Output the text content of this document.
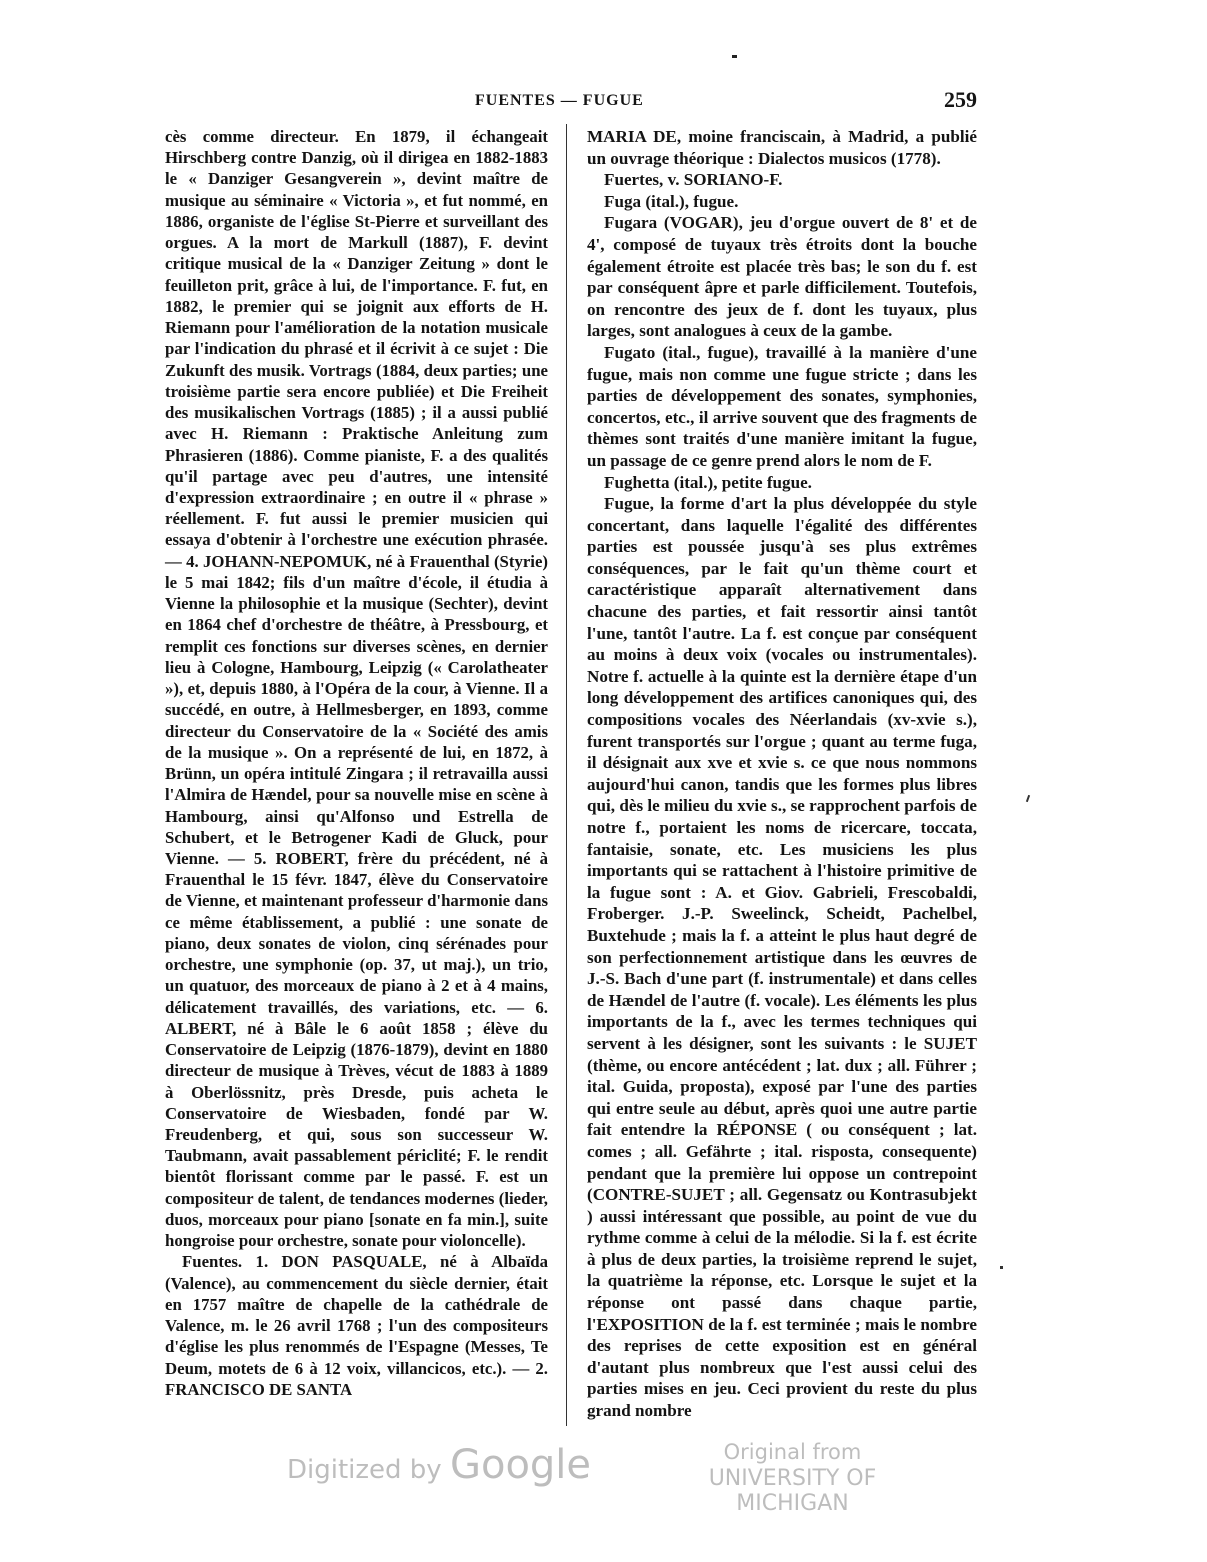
FUENTES — FUGUE	259

cès comme directeur. En 1879, il échangeait Hirschberg contre Danzig, où il dirigea en 1882-1883 le « Danziger Gesangverein », devint maître de musique au séminaire « Victoria », et fut nommé, en 1886, organiste de l'église St-Pierre et surveillant des orgues. A la mort de Markull (1887), F. devint critique musical de la « Danziger Zeitung » dont le feuilleton prit, grâce à lui, de l'importance. F. fut, en 1882, le premier qui se joignit aux efforts de H. Riemann pour l'amélioration de la notation musicale par l'indication du phrasé et il écrivit à ce sujet : Die Zukunft des musik. Vortrags (1884, deux parties; une troisième partie sera encore publiée) et Die Freiheit des musikalischen Vortrags (1885) ; il a aussi publié avec H. Riemann : Praktische Anleitung zum Phrasieren (1886). Comme pianiste, F. a des qualités qu'il partage avec peu d'autres, une intensité d'expression extraordinaire ; en outre il « phrase » réellement. F. fut aussi le premier musicien qui essaya d'obtenir à l'orchestre une exécution phrasée. — 4. JOHANN-NEPOMUK, né à Frauenthal (Styrie) le 5 mai 1842; fils d'un maître d'école, il étudia à Vienne la philosophie et la musique (Sechter), devint en 1864 chef d'orchestre de théâtre, à Pressbourg, et remplit ces fonctions sur diverses scènes, en dernier lieu à Cologne, Hambourg, Leipzig (« Carolatheater »), et, depuis 1880, à l'Opéra de la cour, à Vienne. Il a succédé, en outre, à Hellmesberger, en 1893, comme directeur du Conservatoire de la « Société des amis de la musique ». On a représenté de lui, en 1872, à Brünn, un opéra intitulé Zingara ; il retravailla aussi l'Almira de Hændel, pour sa nouvelle mise en scène à Hambourg, ainsi qu'Alfonso und Estrella de Schubert, et le Betrogener Kadi de Gluck, pour Vienne. — 5. ROBERT, frère du précédent, né à Frauenthal le 15 févr. 1847, élève du Conservatoire de Vienne, et maintenant professeur d'harmonie dans ce même établissement, a publié : une sonate de piano, deux sonates de violon, cinq sérénades pour orchestre, une symphonie (op. 37, ut maj.), un trio, un quatuor, des morceaux de piano à 2 et à 4 mains, délicatement travaillés, des variations, etc. — 6. ALBERT, né à Bâle le 6 août 1858 ; élève du Conservatoire de Leipzig (1876-1879), devint en 1880 directeur de musique à Trèves, vécut de 1883 à 1889 à Oberlössnitz, près Dresde, puis acheta le Conservatoire de Wiesbaden, fondé par W. Freudenberg, et qui, sous son successeur W. Taubmann, avait passablement périclité; F. le rendit bientôt florissant comme par le passé. F. est un compositeur de talent, de tendances modernes (lieder, duos, morceaux pour piano [sonate en fa min.], suite hongroise pour orchestre, sonate pour violoncelle).

Fuentes. 1. DON PASQUALE, né à Albaïda (Valence), au commencement du siècle dernier, était en 1757 maître de chapelle de la cathédrale de Valence, m. le 26 avril 1768 ; l'un des compositeurs d'église les plus renommés de l'Espagne (Messes, Te Deum, motets de 6 à 12 voix, villancicos, etc.). — 2. FRANCISCO DE SANTA

MARIA DE, moine franciscain, à Madrid, a publié un ouvrage théorique : Dialectos musicos (1778).

Fuertes, v. SORIANO-F.

Fuga (ital.), fugue.

Fugara (VOGAR), jeu d'orgue ouvert de 8' et de 4', composé de tuyaux très étroits dont la bouche également étroite est placée très bas; le son du f. est par conséquent âpre et parle difficilement. Toutefois, on rencontre des jeux de f. dont les tuyaux, plus larges, sont analogues à ceux de la gambe.

Fugato (ital., fugue), travaillé à la manière d'une fugue, mais non comme une fugue stricte ; dans les parties de développement des sonates, symphonies, concertos, etc., il arrive souvent que des fragments de thèmes sont traités d'une manière imitant la fugue, un passage de ce genre prend alors le nom de F.

Fughetta (ital.), petite fugue.

Fugue, la forme d'art la plus développée du style concertant, dans laquelle l'égalité des différentes parties est poussée jusqu'à ses plus extrêmes conséquences, par le fait qu'un thème court et caractéristique apparaît alternativement dans chacune des parties, et fait ressortir ainsi tantôt l'une, tantôt l'autre. La f. est conçue par conséquent au moins à deux voix (vocales ou instrumentales). Notre f. actuelle à la quinte est la dernière étape d'un long développement des artifices canoniques qui, des compositions vocales des Néerlandais (xv-xvie s.), furent transportés sur l'orgue ; quant au terme fuga, il désignait aux xve et xvie s. ce que nous nommons aujourd'hui canon, tandis que les formes plus libres qui, dès le milieu du xvie s., se rapprochent parfois de notre f., portaient les noms de ricercare, toccata, fantaisie, sonate, etc. Les musiciens les plus importants qui se rattachent à l'histoire primitive de la fugue sont : A. et Giov. Gabrieli, Frescobaldi, Froberger. J.-P. Sweelinck, Scheidt, Pachelbel, Buxtehude ; mais la f. a atteint le plus haut degré de son perfectionnement artistique dans les œuvres de J.-S. Bach d'une part (f. instrumentale) et dans celles de Hændel de l'autre (f. vocale). Les éléments les plus importants de la f., avec les termes techniques qui servent à les désigner, sont les suivants : le SUJET (thème, ou encore antécédent ; lat. dux ; all. Führer ; ital. Guida, proposta), exposé par l'une des parties qui entre seule au début, après quoi une autre partie fait entendre la RÉPONSE ( ou conséquent ; lat. comes ; all. Gefährte ; ital. risposta, consequente) pendant que la première lui oppose un contrepoint (CONTRE-SUJET ; all. Gegensatz ou Kontrasubjekt ) aussi intéressant que possible, au point de vue du rythme comme à celui de la mélodie. Si la f. est écrite à plus de deux parties, la troisième reprend le sujet, la quatrième la réponse, etc. Lorsque le sujet et la réponse ont passé dans chaque partie, l'EXPOSITION de la f. est terminée ; mais le nombre des reprises de cette exposition est en général d'autant plus nombreux que l'est aussi celui des parties mises en jeu. Ceci provient du reste du plus grand nombre

Digitized by Google	Original from
UNIVERSITY OF MICHIGAN
